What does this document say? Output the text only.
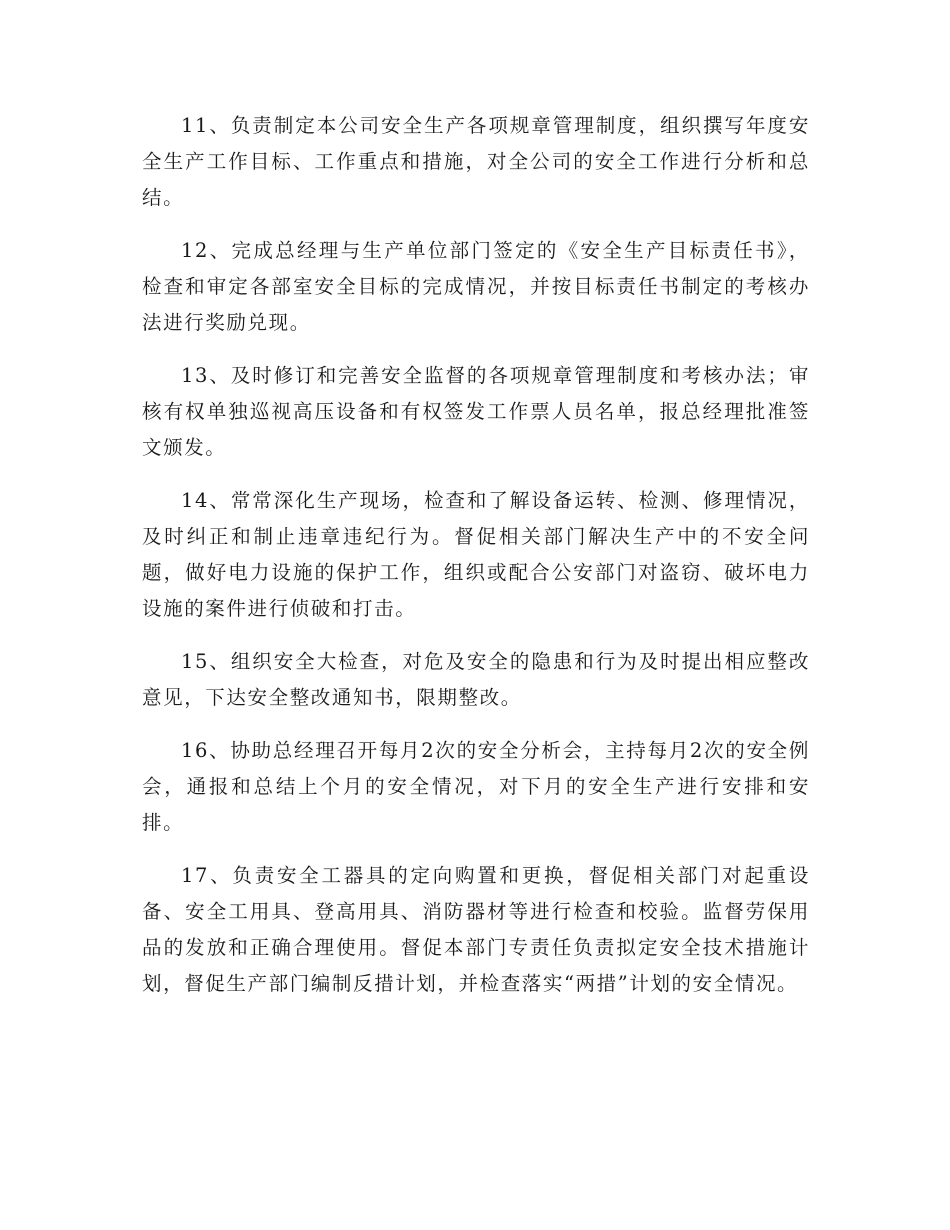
11、负责制定本公司安全生产各项规章管理制度，组织撰写年度安全生产工作目标、工作重点和措施，对全公司的安全工作进行分析和总结。

12、完成总经理与生产单位部门签定的《安全生产目标责任书》，检查和审定各部室安全目标的完成情况，并按目标责任书制定的考核办法进行奖励兑现。

13、及时修订和完善安全监督的各项规章管理制度和考核办法；审核有权单独巡视高压设备和有权签发工作票人员名单，报总经理批准签文颁发。

14、常常深化生产现场，检查和了解设备运转、检测、修理情况，及时纠正和制止违章违纪行为。督促相关部门解决生产中的不安全问题，做好电力设施的保护工作，组织或配合公安部门对盗窃、破坏电力设施的案件进行侦破和打击。

15、组织安全大检查，对危及安全的隐患和行为及时提出相应整改意见，下达安全整改通知书，限期整改。

16、协助总经理召开每月2次的安全分析会，主持每月2次的安全例会，通报和总结上个月的安全情况，对下月的安全生产进行安排和安排。

17、负责安全工器具的定向购置和更换，督促相关部门对起重设备、安全工用具、登高用具、消防器材等进行检查和校验。监督劳保用品的发放和正确合理使用。督促本部门专责任负责拟定安全技术措施计划，督促生产部门编制反措计划，并检查落实“两措”计划的安全情况。
